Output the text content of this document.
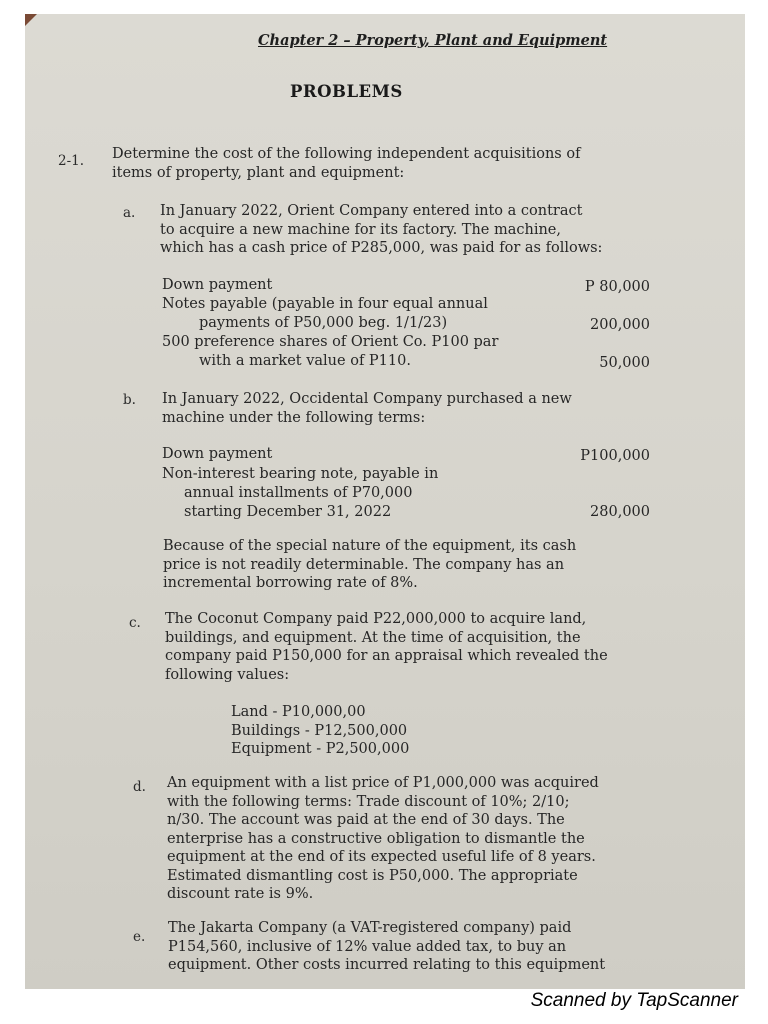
Chapter 2 – Property, Plant and Equipment
PROBLEMS
2-1. Determine the cost of the following independent acquisitions of
items of property, plant and equipment:
a. In January 2022, Orient Company entered into a contract
to acquire a new machine for its factory. The machine,
which has a cash price of P285,000, was paid for as follows:
Down payment	P 80,000
Notes payable (payable in four equal annual
payments of P50,000 beg. 1/1/23)	200,000
500 preference shares of Orient Co. P100 par
with a market value of P110.	50,000
b. In January 2022, Occidental Company purchased a new
machine under the following terms:
Down payment	P100,000
Non-interest bearing note, payable in
annual installments of P70,000
starting December 31, 2022	280,000
Because of the special nature of the equipment, its cash
price is not readily determinable. The company has an
incremental borrowing rate of 8%.
c. The Coconut Company paid P22,000,000 to acquire land,
buildings, and equipment. At the time of acquisition, the
company paid P150,000 for an appraisal which revealed the
following values:
Land - P10,000,00
Buildings - P12,500,000
Equipment - P2,500,000
d. An equipment with a list price of P1,000,000 was acquired
with the following terms: Trade discount of 10%; 2/10;
n/30. The account was paid at the end of 30 days. The
enterprise has a constructive obligation to dismantle the
equipment at the end of its expected useful life of 8 years.
Estimated dismantling cost is P50,000. The appropriate
discount rate is 9%.
e.
The Jakarta Company (a VAT-registered company) paid
P154,560, inclusive of 12% value added tax, to buy an
equipment. Other costs incurred relating to this equipment
Scanned by TapScanner
